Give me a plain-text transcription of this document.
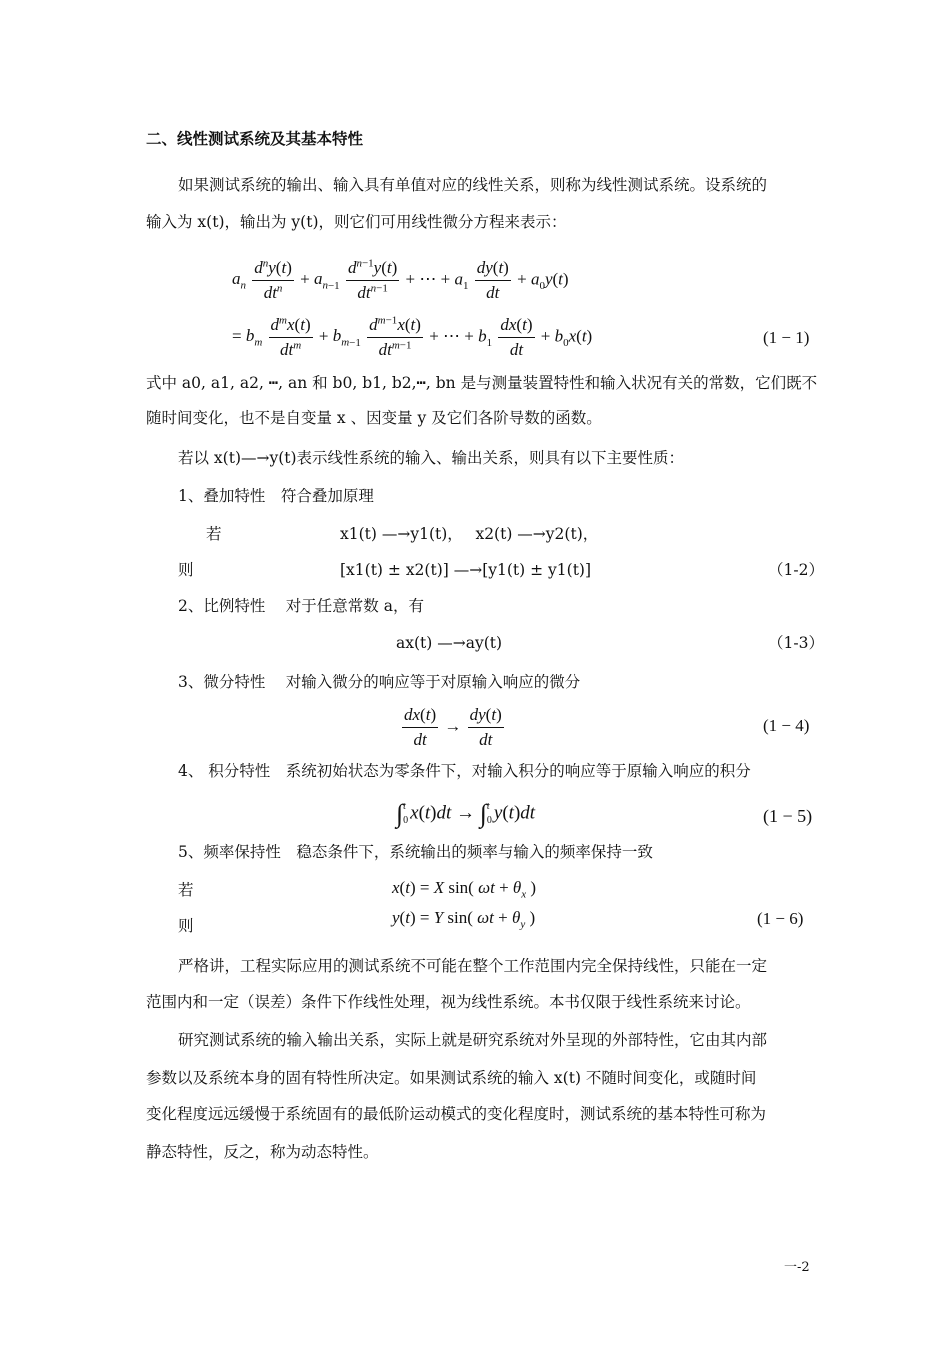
二、线性测试系统及其基本特性
如果测试系统的输出、输入具有单值对应的线性关系，则称为线性测试系统。设系统的
输入为 x(t)，输出为 y(t)，则它们可用线性微分方程来表示：
$a_n \frac{d^ny(t)}{dt^n} + a_{n-1} \frac{d^{n-1}y(t)}{dt^{n-1}}$ + ⋯ + $a_1 \frac{dy(t)}{dt} + a_0y(t)$
= $b_m \frac{d^mx(t)}{dt^m} + b_{m-1} \frac{d^{m-1}x(t)}{dt^{m-1}}$ + ⋯ + $b_1 \frac{dx(t)}{dt} + b_0x(t)$	(1 − 1)
式中 a0, a1, a2, ┅, an 和 b0, b1, b2,┅, bn 是与测量装置特性和输入状况有关的常数，它们既不
随时间变化，也不是自变量 x 、因变量 y 及它们各阶导数的函数。
若以 x(t)—→y(t)表示线性系统的输入、输出关系，则具有以下主要性质：
1、叠加特性　符合叠加原理
若	x1(t) —→y1(t)，　 x2(t) —→y2(t)，
则	[x1(t) ± x2(t)] —→[y1(t) ± y1(t)]	（1-2）
2、比例特性　 对于任意常数 a，有
ax(t) —→ay(t)	（1-3）
3、微分特性　 对输入微分的响应等于对原输入响应的微分
$\frac{dx(t)}{dt} \to \frac{dy(t)}{dt}$	(1 − 4)
4、 积分特性　系统初始状态为零条件下，对输入积分的响应等于原输入响应的积分
∫ t
0 x(t)dt → ∫ t
0 y(t)dt	(1 − 5)
5、频率保持性　稳态条件下，系统输出的频率与输入的频率保持一致
若	x(t) = X sin( $\omega t + \theta_x$ )
y(t) = Y sin( $\omega t + \theta_y$ )
则	(1 − 6)
严格讲，工程实际应用的测试系统不可能在整个工作范围内完全保持线性，只能在一定
范围内和一定（误差）条件下作线性处理，视为线性系统。本书仅限于线性系统来讨论。
研究测试系统的输入输出关系，实际上就是研究系统对外呈现的外部特性，它由其内部
参数以及系统本身的固有特性所决定。如果测试系统的输入 x(t) 不随时间变化，或随时间
变化程度远远缓慢于系统固有的最低阶运动模式的变化程度时，测试系统的基本特性可称为
静态特性，反之，称为动态特性。
一-2
